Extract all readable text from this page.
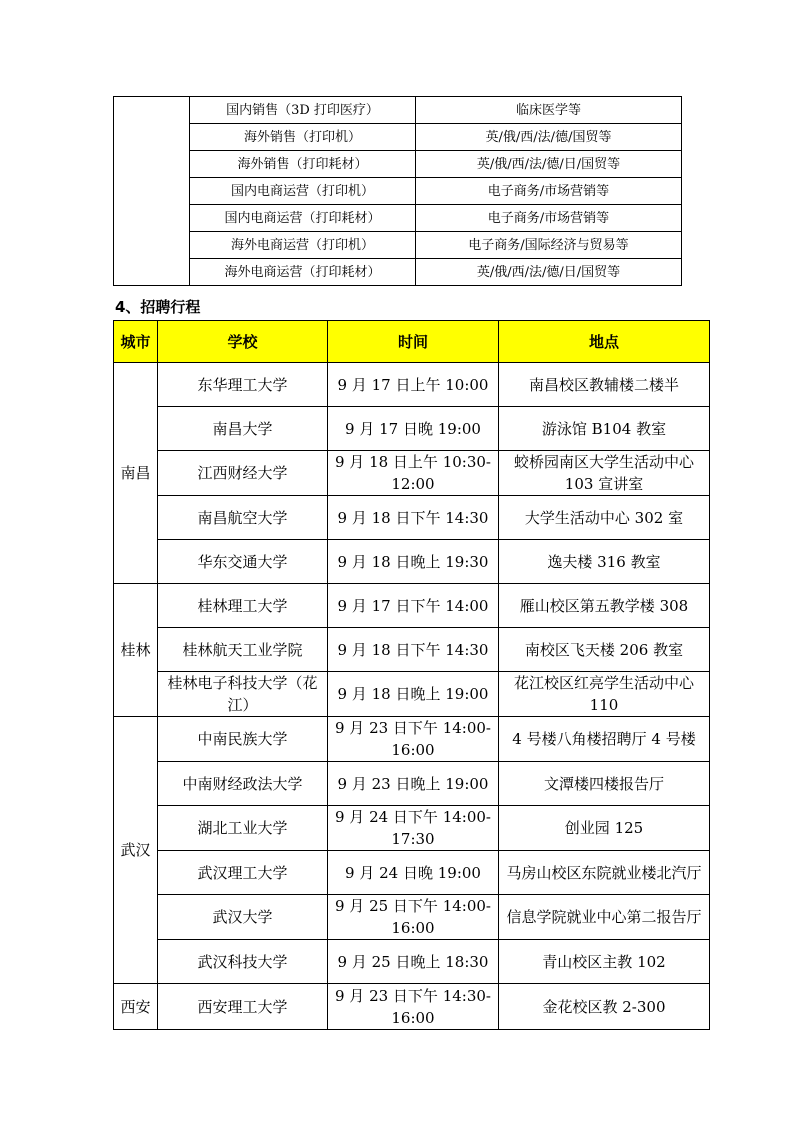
	国内销售（3D 打印医疗）	临床医学等
	海外销售（打印机）	英/俄/西/法/德/国贸等
	海外销售（打印耗材）	英/俄/西/法/德/日/国贸等
	国内电商运营（打印机）	电子商务/市场营销等
	国内电商运营（打印耗材）	电子商务/市场营销等
	海外电商运营（打印机）	电子商务/国际经济与贸易等
	海外电商运营（打印耗材）	英/俄/西/法/德/日/国贸等
4、招聘行程
城市	学校	时间	地点
南昌	东华理工大学	9 月 17 日上午 10:00	南昌校区教辅楼二楼半
	南昌大学	9 月 17 日晚 19:00	游泳馆 B104 教室
	江西财经大学	9 月 18 日上午 10:30-12:00	蛟桥园南区大学生活动中心 103 宣讲室
	南昌航空大学	9 月 18 日下午 14:30	大学生活动中心 302 室
	华东交通大学	9 月 18 日晚上 19:30	逸夫楼 316 教室
桂林	桂林理工大学	9 月 17 日下午 14:00	雁山校区第五教学楼 308
	桂林航天工业学院	9 月 18 日下午 14:30	南校区飞天楼 206 教室
	桂林电子科技大学（花江）	9 月 18 日晚上 19:00	花江校区红亮学生活动中心 110
武汉	中南民族大学	9 月 23 日下午 14:00-16:00	4 号楼八角楼招聘厅 4 号楼
	中南财经政法大学	9 月 23 日晚上 19:00	文潭楼四楼报告厅
	湖北工业大学	9 月 24 日下午 14:00-17:30	创业园 125
	武汉理工大学	9 月 24 日晚 19:00	马房山校区东院就业楼北汽厅
	武汉大学	9 月 25 日下午 14:00-16:00	信息学院就业中心第二报告厅
	武汉科技大学	9 月 25 日晚上 18:30	青山校区主教 102
西安	西安理工大学	9 月 23 日下午 14:30-16:00	金花校区教 2-300
